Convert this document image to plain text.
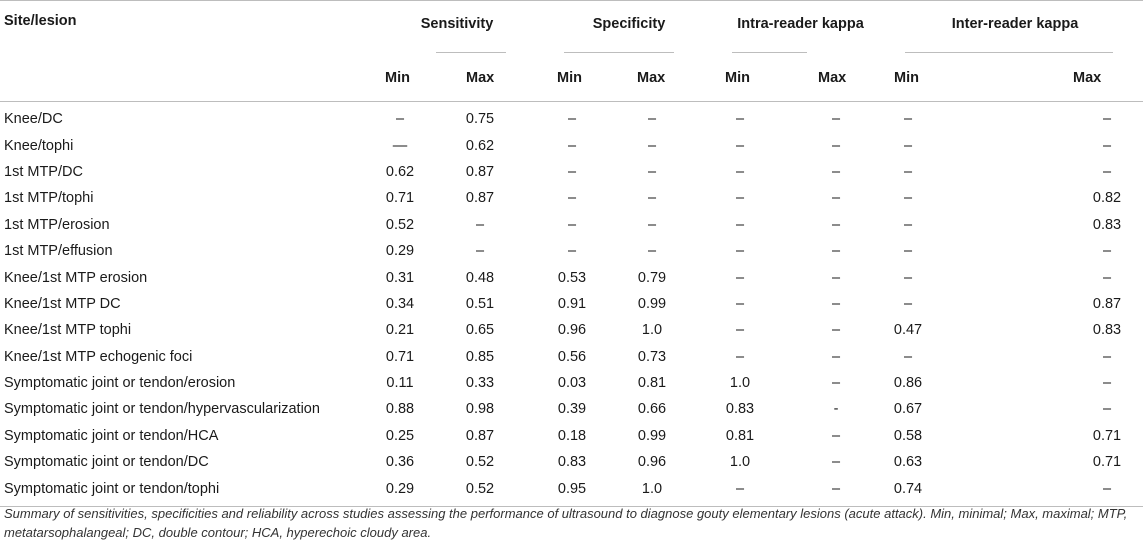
Site/lesion	Sensitivity		Specificity		Intra-reader kappa		Inter-reader kappa	
	Min	Max	Min	Max	Min	Max	Min	Max
Knee/DC	–	0.75	–	–	–	–	–	–
Knee/tophi	—	0.62	–	–	–	–	–	–
1st MTP/DC	0.62	0.87	–	–	–	–	–	–
1st MTP/tophi	0.71	0.87	–	–	–	–	–	0.82
1st MTP/erosion	0.52	–	–	–	–	–	–	0.83
1st MTP/effusion	0.29	–	–	–	–	–	–	–
Knee/1st MTP erosion	0.31	0.48	0.53	0.79	–	–	–	–
Knee/1st MTP DC	0.34	0.51	0.91	0.99	–	–	–	0.87
Knee/1st MTP tophi	0.21	0.65	0.96	1.0	–	–	0.47	0.83
Knee/1st MTP echogenic foci	0.71	0.85	0.56	0.73	–	–	–	–
Symptomatic joint or tendon/erosion	0.11	0.33	0.03	0.81	1.0	–	0.86	–
Symptomatic joint or tendon/hypervascularization	0.88	0.98	0.39	0.66	0.83	-	0.67	–
Symptomatic joint or tendon/HCA	0.25	0.87	0.18	0.99	0.81	–	0.58	0.71
Symptomatic joint or tendon/DC	0.36	0.52	0.83	0.96	1.0	–	0.63	0.71
Symptomatic joint or tendon/tophi	0.29	0.52	0.95	1.0	–	–	0.74	–

Summary of sensitivities, specificities and reliability across studies assessing the performance of ultrasound to diagnose gouty elementary lesions (acute attack). Min, minimal; Max, maximal; MTP, metatarsophalangeal; DC, double contour; HCA, hyperechoic cloudy area.
